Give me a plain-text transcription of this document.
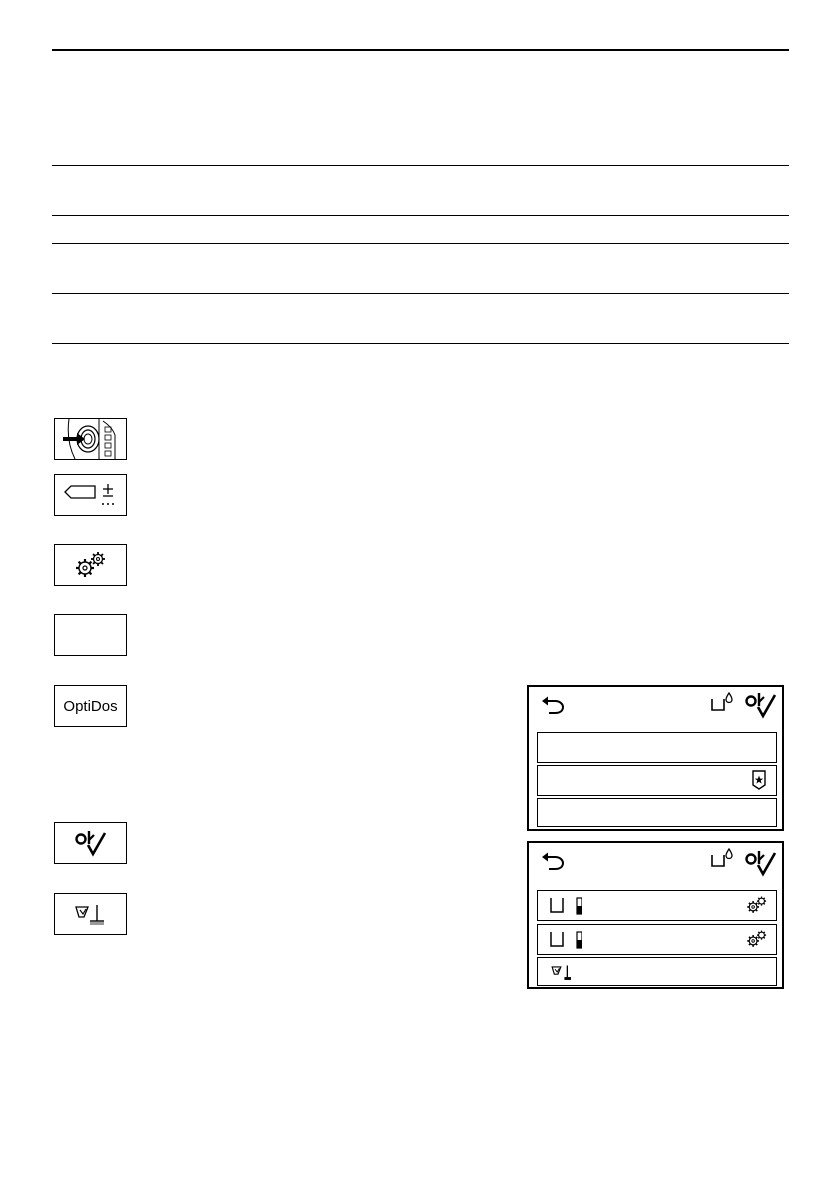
OptiDos
